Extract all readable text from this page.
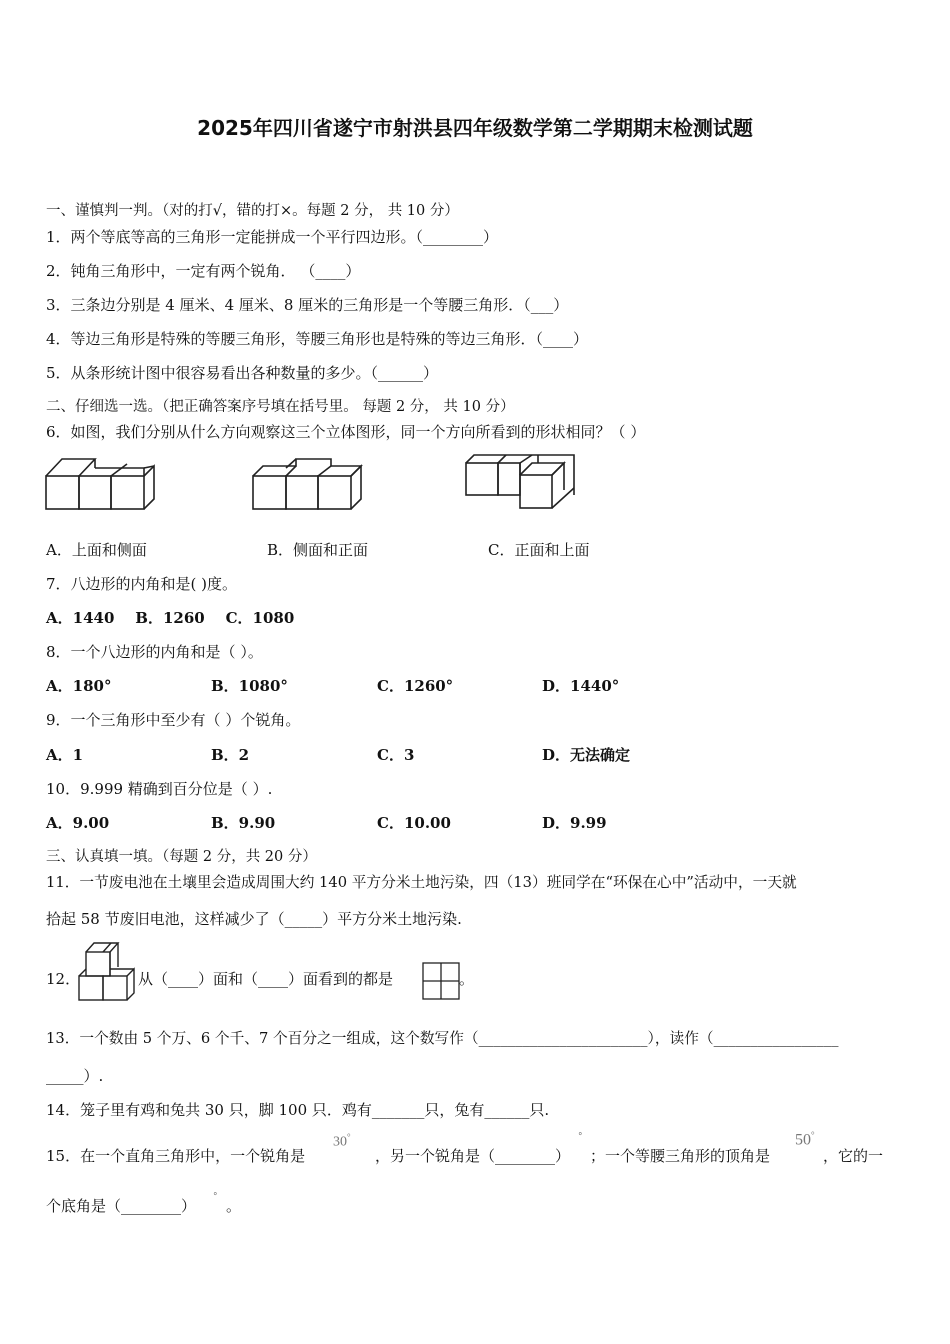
2025年四川省遂宁市射洪县四年级数学第二学期期末检测试题
一、谨慎判一判。（对的打√，错的打×。每题 2 分， 共 10 分）
1．两个等底等高的三角形一定能拼成一个平行四边形。（________）
2．钝角三角形中，一定有两个锐角． （____）
3．三条边分别是 4 厘米、4 厘米、8 厘米的三角形是一个等腰三角形．（___）
4．等边三角形是特殊的等腰三角形，等腰三角形也是特殊的等边三角形．（____）
5．从条形统计图中很容易看出各种数量的多少。（______）
二、仔细选一选。（把正确答案序号填在括号里。 每题 2 分， 共 10 分）
6．如图，我们分别从什么方向观察这三个立体图形，同一个方向所看到的形状相同？（ ）
A．上面和侧面	B．侧面和正面	C．正面和上面
7．八边形的内角和是( )度。
A．1440    B．1260    C．1080
8．一个八边形的内角和是（ ）。
A．180°	B．1080°	C．1260°	D．1440°
9．一个三角形中至少有（ ）个锐角。
A．1	B．2	C．3	D．无法确定
10．9.999 精确到百分位是（ ）.
A．9.00	B．9.90	C．10.00	D．9.99
三、认真填一填。（每题 2 分，共 20 分）
11．一节废电池在土壤里会造成周围大约 140 平方分米土地污染，四（13）班同学在“环保在心中”活动中，一天就
拾起 58 节废旧电池，这样减少了（_____）平方分米土地污染.
12．	从（____）面和（____）面看到的都是	。
13．一个数由 5 个万、6 个千、7 个百分之一组成，这个数写作（_______________________），读作（_________________
_____）.
14．笼子里有鸡和兔共 30 只，脚 100 只．鸡有_______只，兔有______只.
15．在一个直角三角形中，一个锐角是
30°
，另一个锐角是（________）
°
；一个等腰三角形的顶角是
50°
，它的一
个底角是（________） ° 。
